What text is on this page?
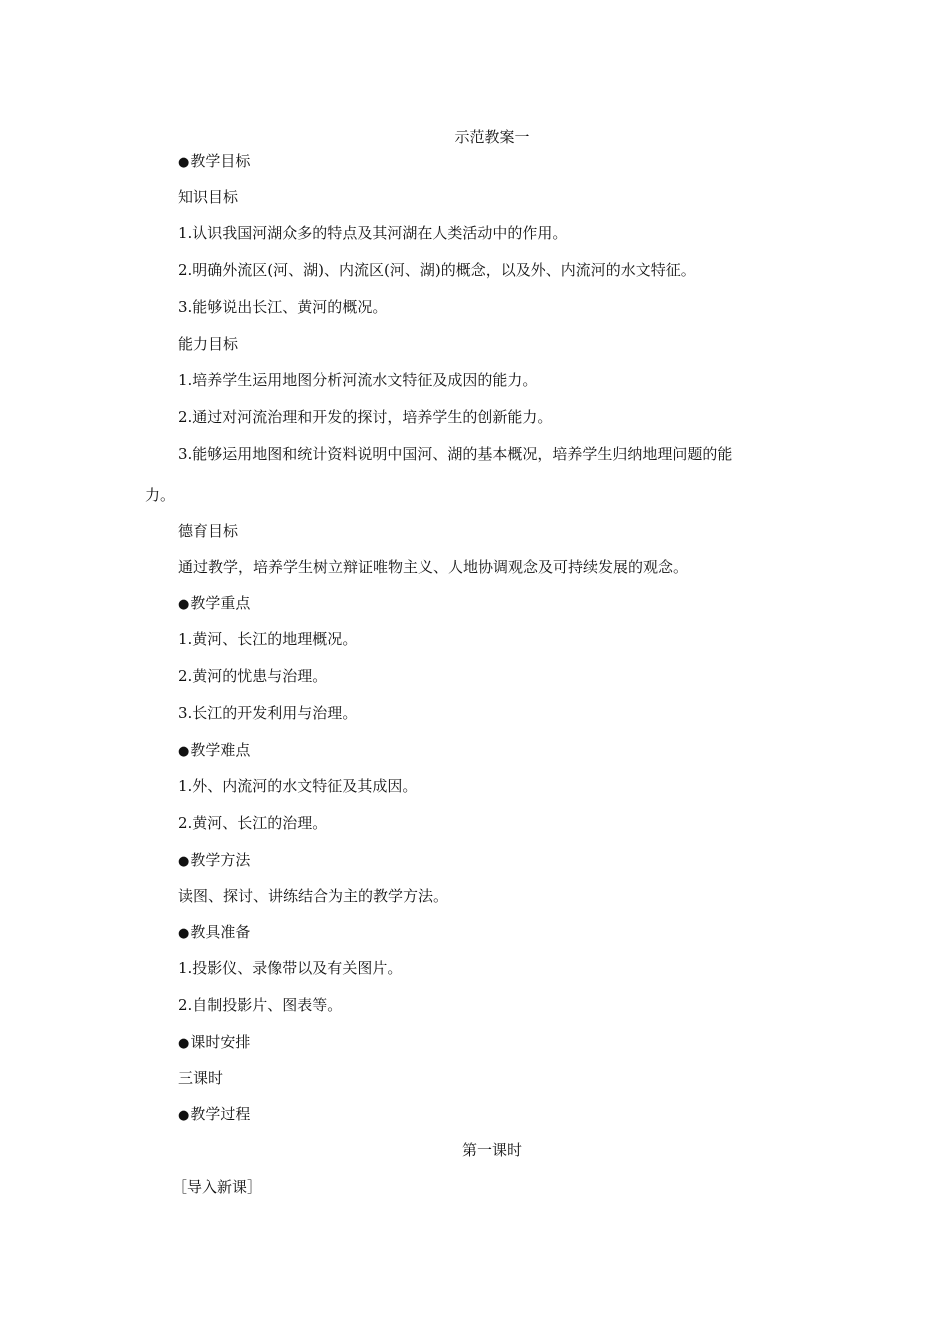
示范教案一
● 教学目标
知识目标
1.认识我国河湖众多的特点及其河湖在人类活动中的作用。
2.明确外流区(河、湖)、内流区(河、湖)的概念，以及外、内流河的水文特征。
3.能够说出长江、黄河的概况。
能力目标
1.培养学生运用地图分析河流水文特征及成因的能力。
2.通过对河流治理和开发的探讨，培养学生的创新能力。
3.能够运用地图和统计资料说明中国河、湖的基本概况，培养学生归纳地理问题的能
力。
德育目标
通过教学，培养学生树立辩证唯物主义、人地协调观念及可持续发展的观念。
● 教学重点
1.黄河、长江的地理概况。
2.黄河的忧患与治理。
3.长江的开发利用与治理。
● 教学难点
1.外、内流河的水文特征及其成因。
2.黄河、长江的治理。
● 教学方法
读图、探讨、讲练结合为主的教学方法。
● 教具准备
1.投影仪、录像带以及有关图片。
2.自制投影片、图表等。
● 课时安排
三课时
● 教学过程
第一课时
［导入新课］
